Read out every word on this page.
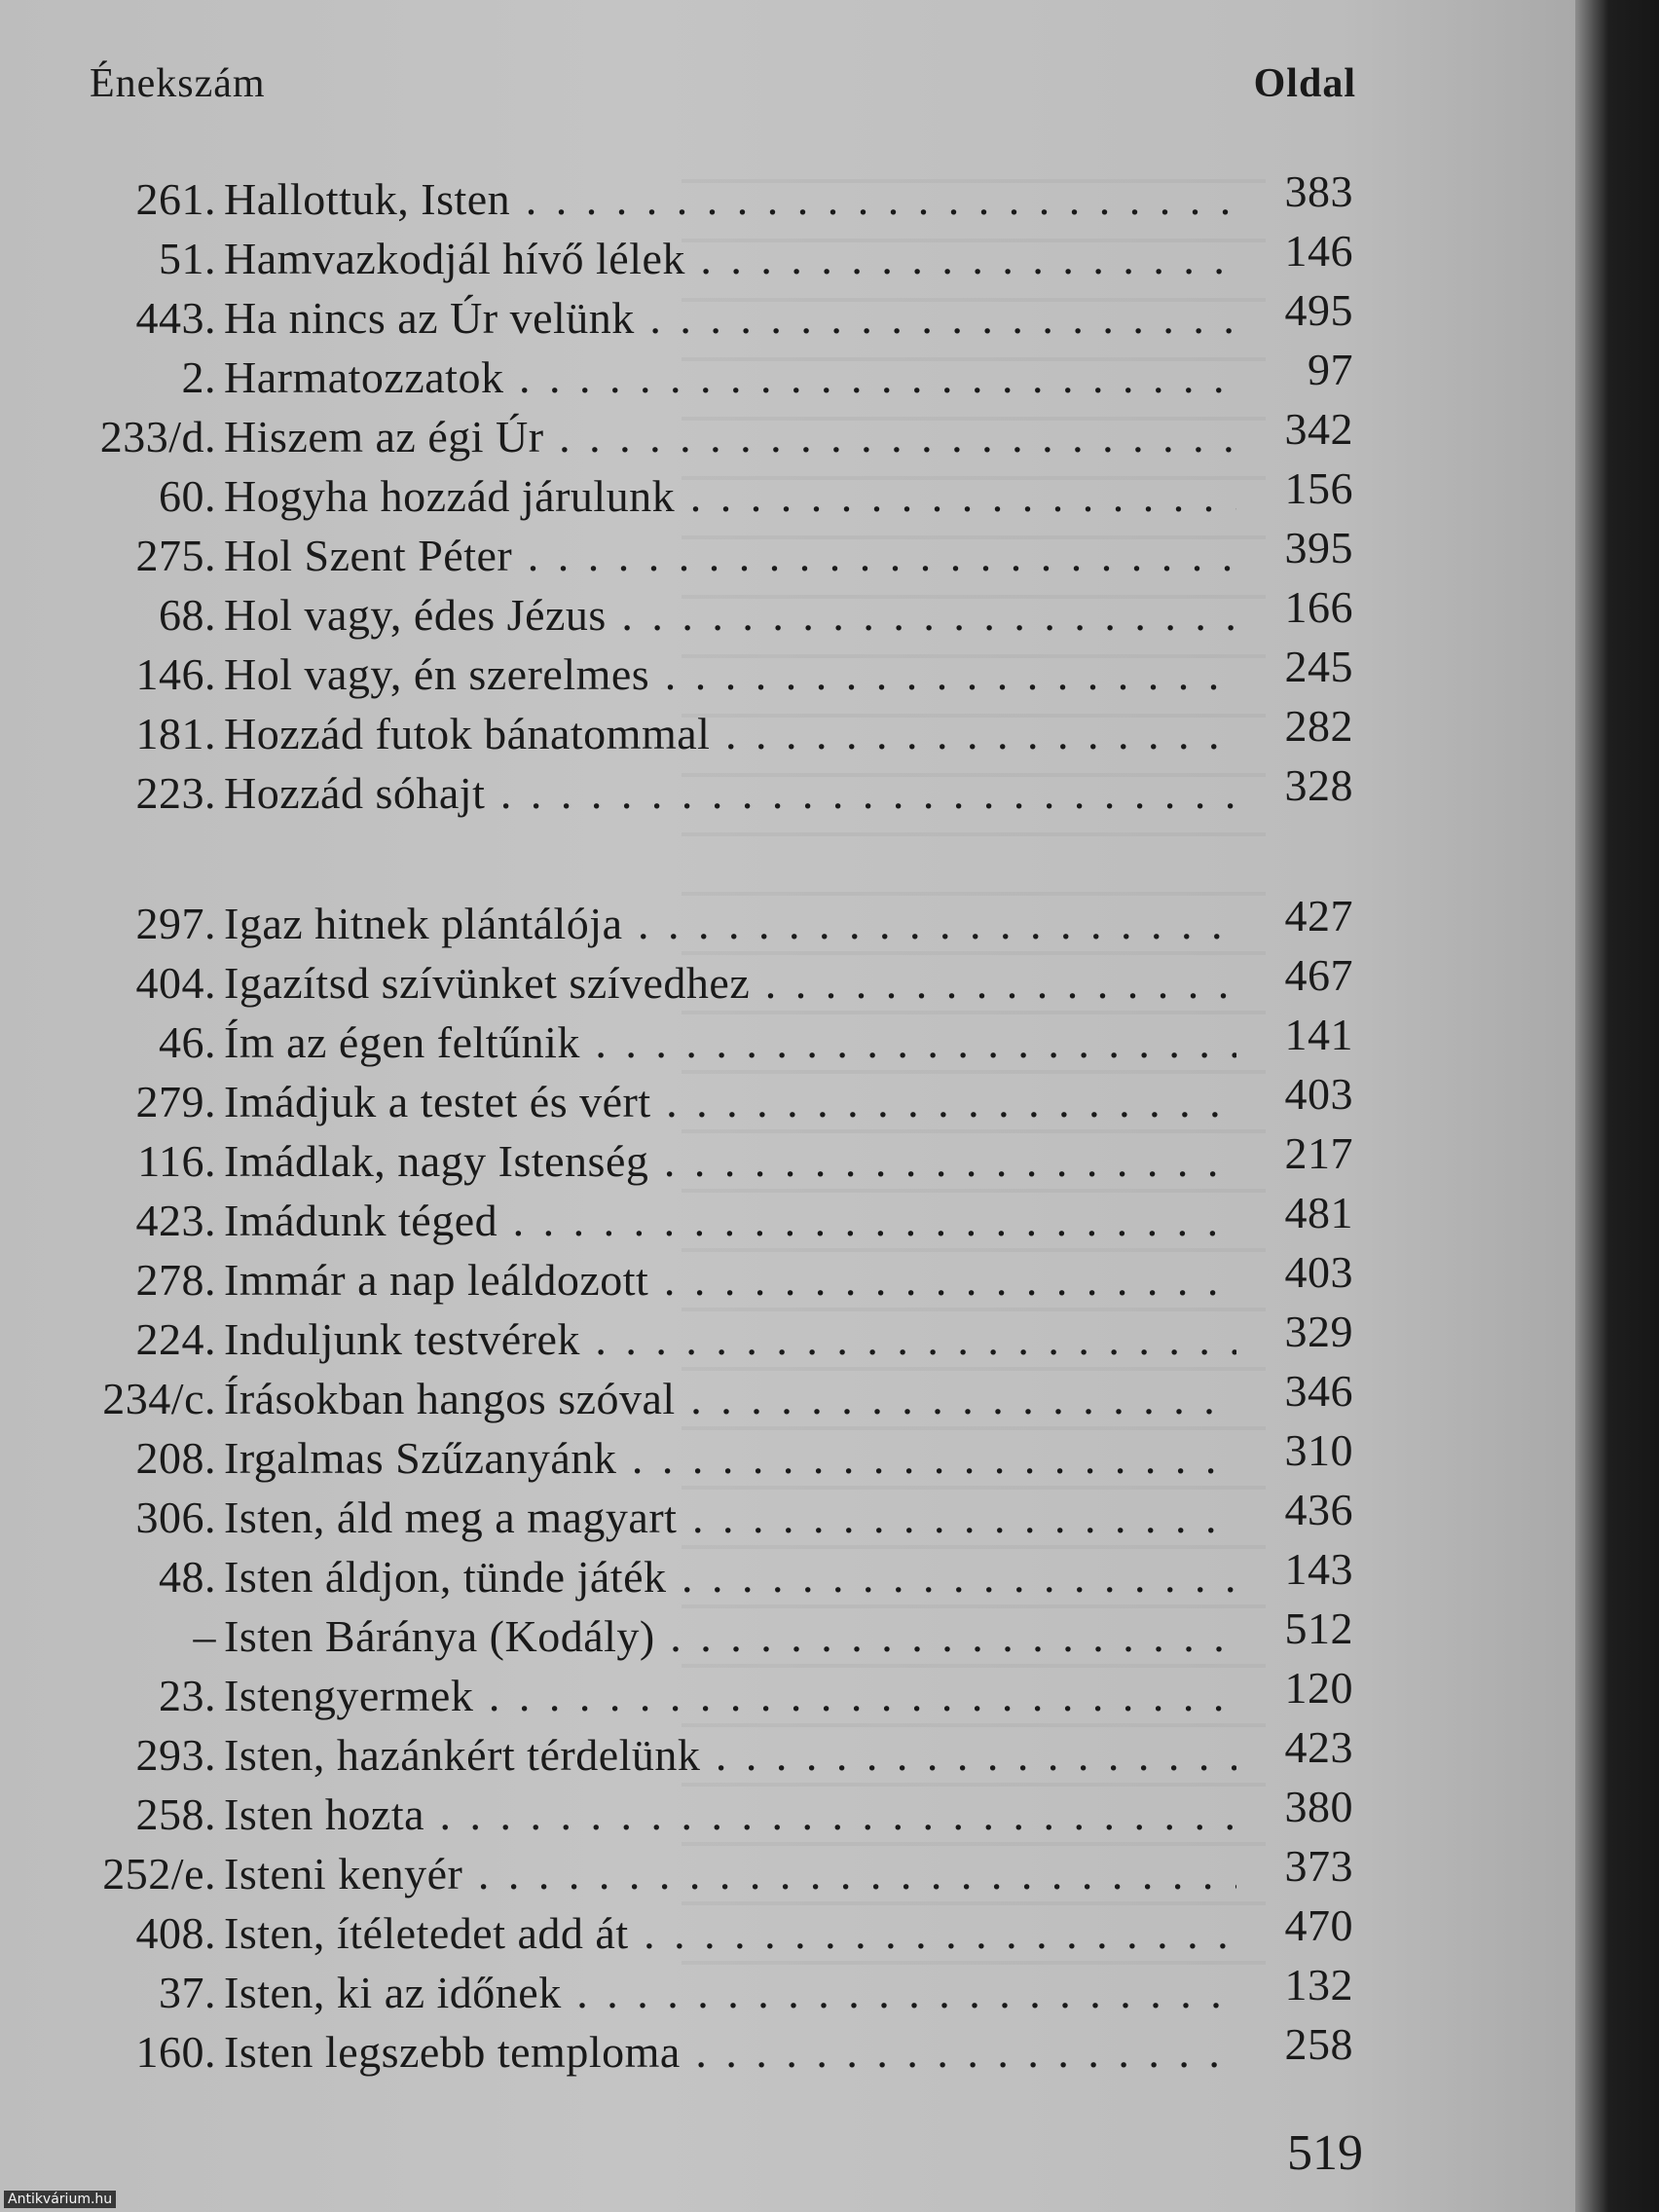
Énekszám	Oldal
261. Hallottuk, Isten . . .	383
51. Hamvazkodjál hívő lélek . . .	146
443. Ha nincs az Úr velünk . . .	495
2. Harmatozzatok . . .	97
233/d. Hiszem az égi Úr . . .	342
60. Hogyha hozzád járulunk . . .	156
275. Hol Szent Péter . . .	395
68. Hol vagy, édes Jézus . . .	166
146. Hol vagy, én szerelmes . . .	245
181. Hozzád futok bánatommal . . .	282
223. Hozzád sóhajt . . .	328
297. Igaz hitnek plántálója . . .	427
404. Igazítsd szívünket szívedhez . . .	467
46. Ím az égen feltűnik . . .	141
279. Imádjuk a testet és vért . . .	403
116. Imádlak, nagy Istenség . . .	217
423. Imádunk téged . . .	481
278. Immár a nap leáldozott . . .	403
224. Induljunk testvérek . . .	329
234/c. Írásokban hangos szóval . . .	346
208. Irgalmas Szűzanyánk . . .	310
306. Isten, áld meg a magyart . . .	436
48. Isten áldjon, tünde játék . . .	143
– Isten Báránya (Kodály) . . .	512
23. Istengyermek . . .	120
293. Isten, hazánkért térdelünk . . .	423
258. Isten hozta . . .	380
252/e. Isteni kenyér . . .	373
408. Isten, ítéletedet add át . . .	470
37. Isten, ki az időnek . . .	132
160. Isten legszebb temploma . . .	258
519
Antikvárium.hu
